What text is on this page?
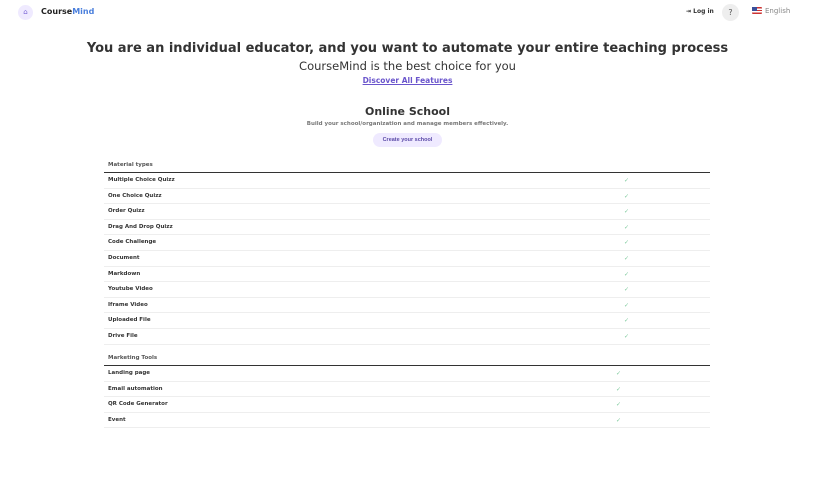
⌂	CourseMind	⇥ Log in	?	English
You are an individual educator, and you want to automate your entire teaching process
CourseMind is the best choice for you
Discover All Features
Online School
Build your school/organization and manage members effectively.
Create your school
Material types
Multiple Choice Quizz	✓
One Choice Quizz	✓
Order Quizz	✓
Drag And Drop Quizz	✓
Code Challenge	✓
Document	✓
Markdown	✓
Youtube Video	✓
Iframe Video	✓
Uploaded File	✓
Drive File	✓
Marketing Tools
Landing page	✓
Email automation	✓
QR Code Generator	✓
Event	✓
